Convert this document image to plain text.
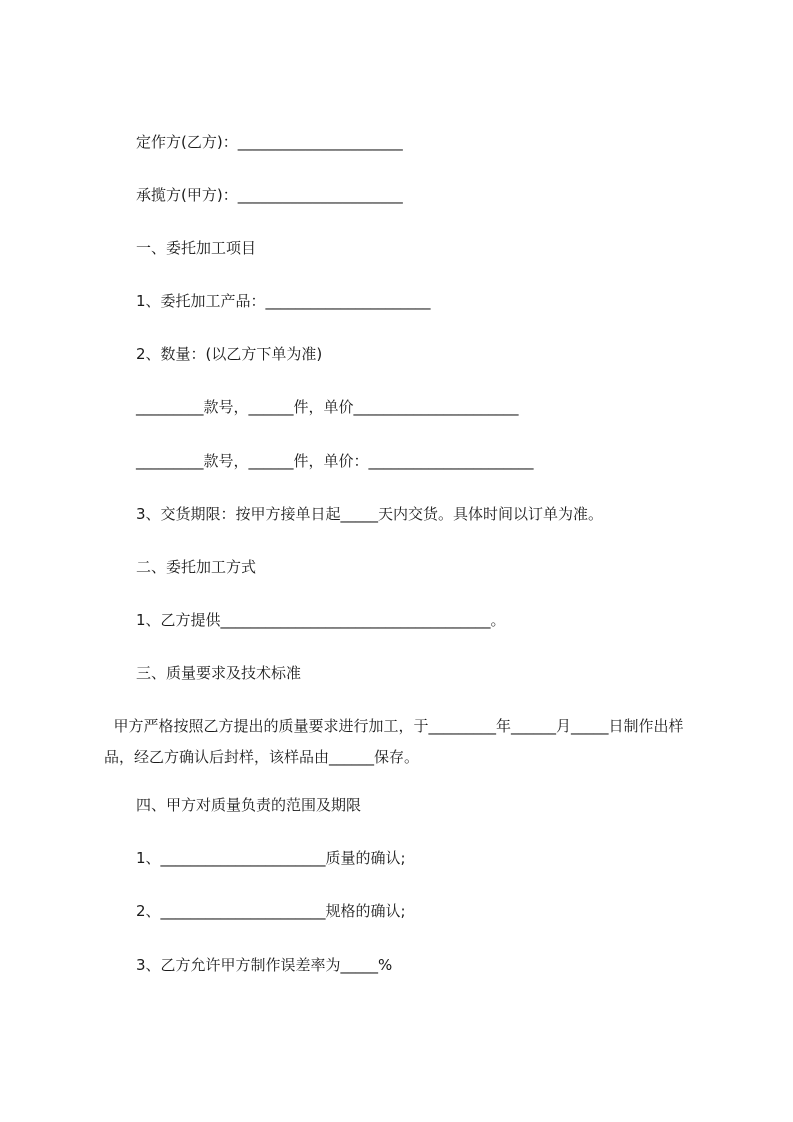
定作方(乙方)：______________________
承揽方(甲方)：______________________
一、委托加工项目
1、委托加工产品：______________________
2、数量：(以乙方下单为准)
_________款号，______件，单价______________________
_________款号，______件，单价：______________________
3、交货期限：按甲方接单日起_____天内交货。具体时间以订单为准。
二、委托加工方式
1、乙方提供____________________________________。
三、质量要求及技术标准
甲方严格按照乙方提出的质量要求进行加工，于_________年______月_____日制作出样品，经乙方确认后封样，该样品由______保存。
四、甲方对质量负责的范围及期限
1、______________________质量的确认;
2、______________________规格的确认;
3、乙方允许甲方制作误差率为_____%
